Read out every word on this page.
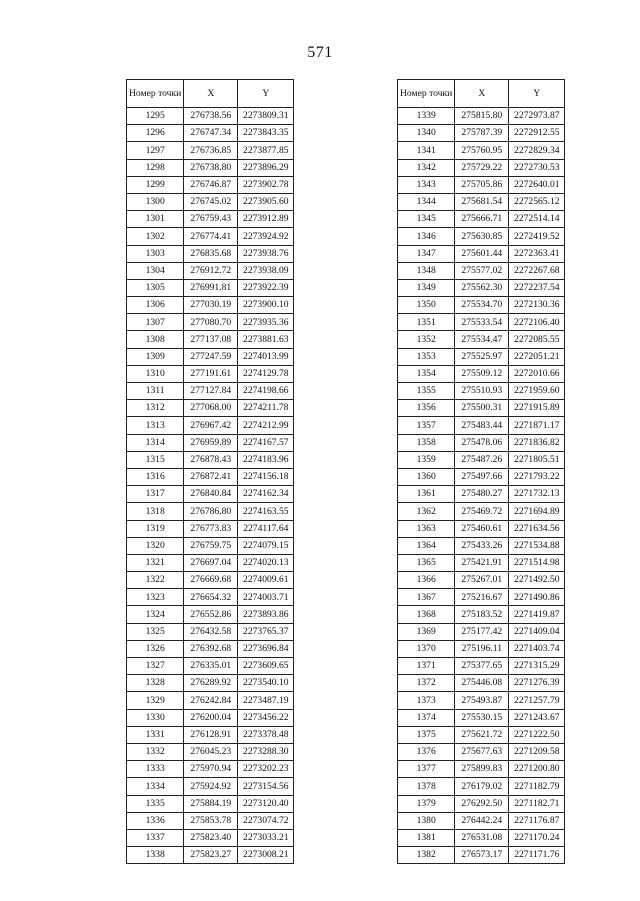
571
Номер точки	X	Y
1295	276738.56	2273809.31
1296	276747.34	2273843.35
1297	276736.85	2273877.85
1298	276738.80	2273896.29
1299	276746.87	2273902.78
1300	276745.02	2273905.60
1301	276759.43	2273912.89
1302	276774.41	2273924.92
1303	276835.68	2273938.76
1304	276912.72	2273938.09
1305	276991.81	2273922.39
1306	277030.19	2273900.10
1307	277080.70	2273935.36
1308	277137.08	2273881.63
1309	277247.59	2274013.99
1310	277191.61	2274129.78
1311	277127.84	2274198.66
1312	277068.00	2274211.78
1313	276967.42	2274212.99
1314	276959.89	2274167.57
1315	276878.43	2274183.96
1316	276872.41	2274156.18
1317	276840.84	2274162.34
1318	276786.80	2274163.55
1319	276773.83	2274117.64
1320	276759.75	2274079.15
1321	276697.04	2274020.13
1322	276669.68	2274009.61
1323	276654.32	2274003.71
1324	276552.86	2273893.86
1325	276432.58	2273765.37
1326	276392.68	2273696.84
1327	276335.01	2273609.65
1328	276289.92	2273540.10
1329	276242.84	2273487.19
1330	276200.04	2273456.22
1331	276128.91	2273378.48
1332	276045.23	2273288.30
1333	275970.94	2273202.23
1334	275924.92	2273154.56
1335	275884.19	2273120.40
1336	275853.78	2273074.72
1337	275823.40	2273033.21
1338	275823.27	2273008.21
Номер точки	X	Y
1339	275815.80	2272973.87
1340	275787.39	2272912.55
1341	275760.95	2272829.34
1342	275729.22	2272730.53
1343	275705.86	2272640.01
1344	275681.54	2272565.12
1345	275666.71	2272514.14
1346	275630.85	2272419.52
1347	275601.44	2272363.41
1348	275577.02	2272267.68
1349	275562.30	2272237.54
1350	275534.70	2272130.36
1351	275533.54	2272106.40
1352	275534.47	2272085.55
1353	275525.97	2272051.21
1354	275509.12	2272010.66
1355	275510.93	2271959.60
1356	275500.31	2271915.89
1357	275483.44	2271871.17
1358	275478.06	2271836.82
1359	275487.26	2271805.51
1360	275497.66	2271793.22
1361	275480.27	2271732.13
1362	275469.72	2271694.89
1363	275460.61	2271634.56
1364	275433.26	2271534.88
1365	275421.91	2271514.98
1366	275267.01	2271492.50
1367	275216.67	2271490.86
1368	275183.52	2271419.87
1369	275177.42	2271409.04
1370	275196.11	2271403.74
1371	275377.65	2271315.29
1372	275446.08	2271276.39
1373	275493.87	2271257.79
1374	275530.15	2271243.67
1375	275621.72	2271222.50
1376	275677.63	2271209.58
1377	275899.83	2271200.80
1378	276179.02	2271182.79
1379	276292.50	2271182.71
1380	276442.24	2271176.87
1381	276531.08	2271170.24
1382	276573.17	2271171.76
